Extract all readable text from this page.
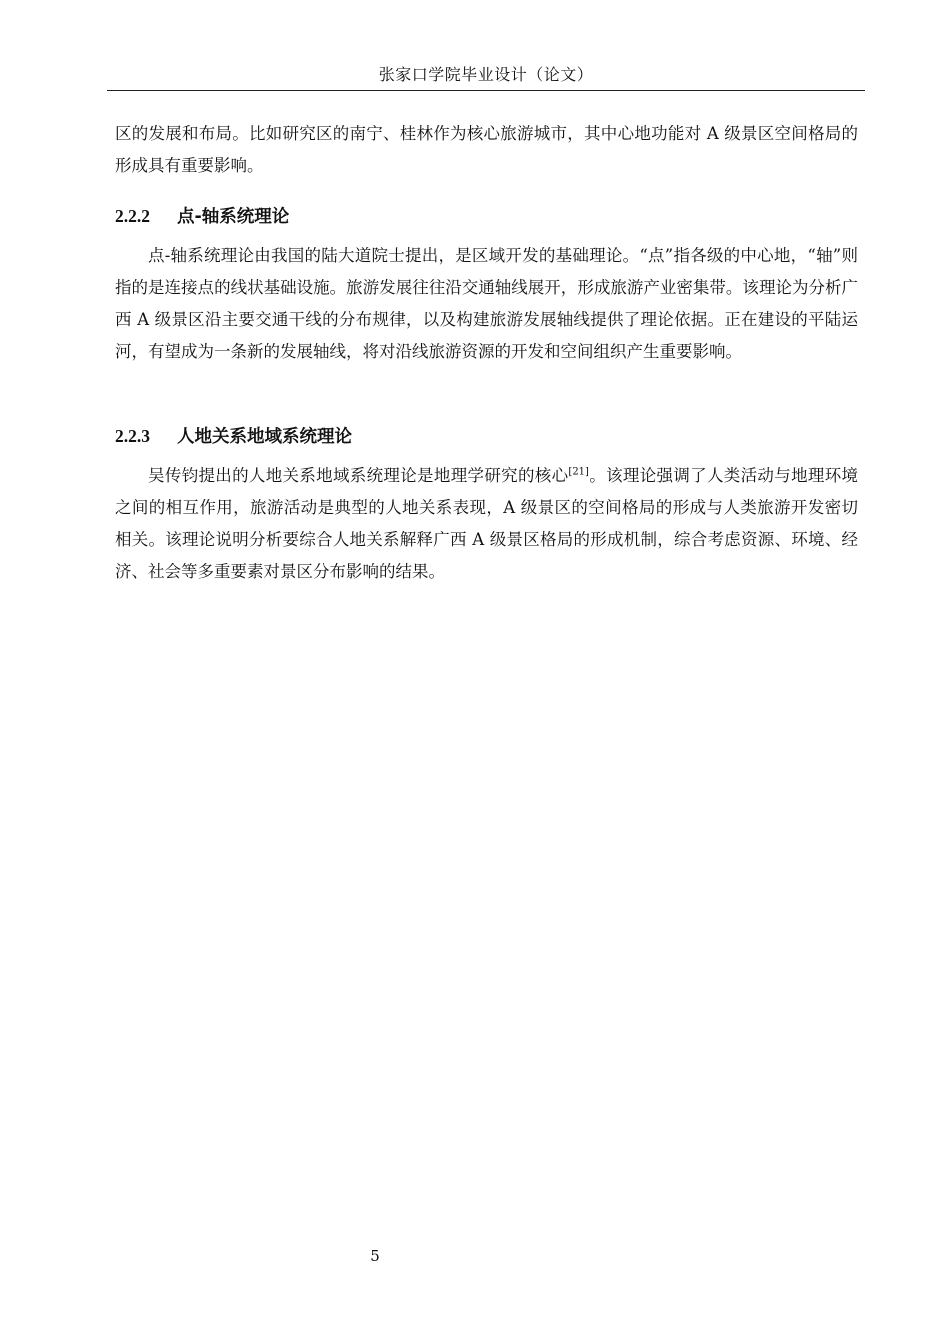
张家口学院毕业设计（论文）

区的发展和布局。比如研究区的南宁、桂林作为核心旅游城市，其中心地功能对 A 级景区空间格局的形成具有重要影响。

2.2.2 点-轴系统理论

点-轴系统理论由我国的陆大道院士提出，是区域开发的基础理论。“点”指各级的中心地，“轴”则指的是连接点的线状基础设施。旅游发展往往沿交通轴线展开，形成旅游产业密集带。该理论为分析广西 A 级景区沿主要交通干线的分布规律，以及构建旅游发展轴线提供了理论依据。正在建设的平陆运河，有望成为一条新的发展轴线，将对沿线旅游资源的开发和空间组织产生重要影响。

2.2.3 人地关系地域系统理论

吴传钧提出的人地关系地域系统理论是地理学研究的核心[21]。该理论强调了人类活动与地理环境之间的相互作用，旅游活动是典型的人地关系表现，A 级景区的空间格局的形成与人类旅游开发密切相关。该理论说明分析要综合人地关系解释广西 A 级景区格局的形成机制，综合考虑资源、环境、经济、社会等多重要素对景区分布影响的结果。

5
